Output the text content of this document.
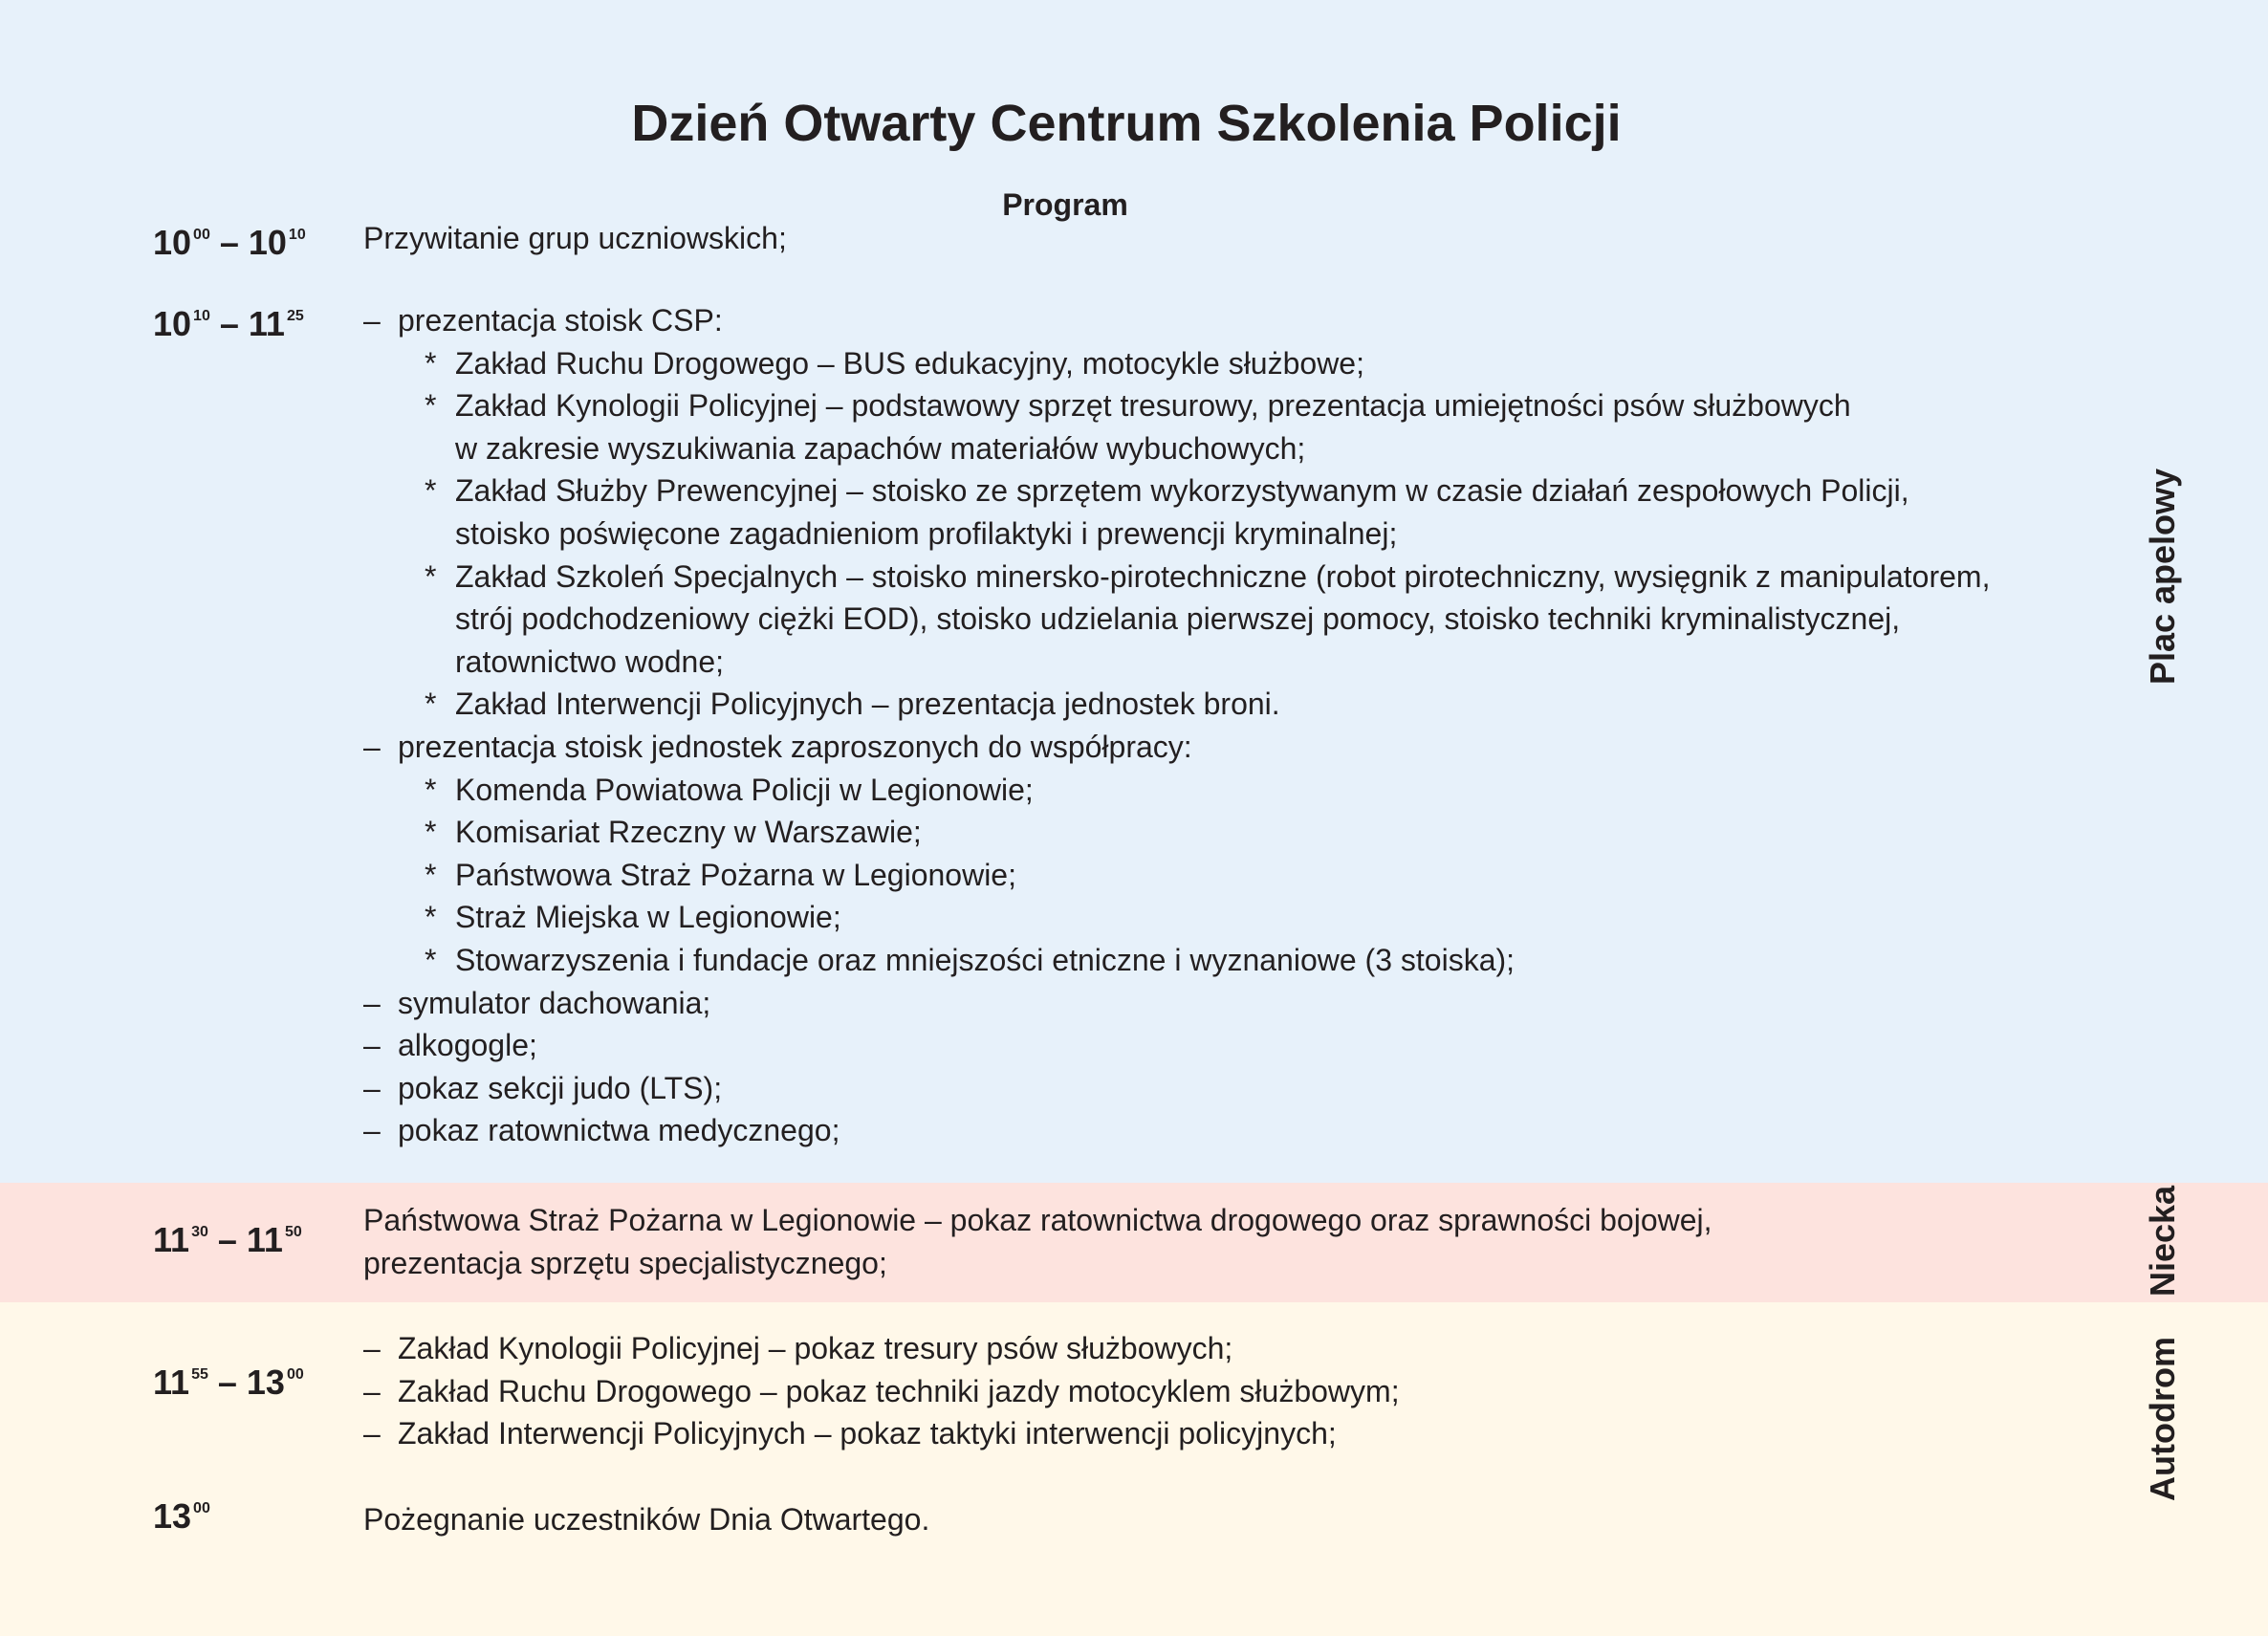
Dzień Otwarty Centrum Szkolenia Policji
Program
10 $^{00}$ – 10 $^{10}$ Przywitanie grup uczniowskich;
10 $^{10}$ – 11 $^{25}$ – prezentacja stoisk CSP:
* Zakład Ruchu Drogowego – BUS edukacyjny, motocykle służbowe;
* Zakład Kynologii Policyjnej – podstawowy sprzęt tresurowy, prezentacja umiejętności psów służbowych
w zakresie wyszukiwania zapachów materiałów wybuchowych;
* Zakład Służby Prewencyjnej – stoisko ze sprzętem wykorzystywanym w czasie działań zespołowych Policji,
stoisko poświęcone zagadnieniom profilaktyki i prewencji kryminalnej;
* Zakład Szkoleń Specjalnych – stoisko minersko-pirotechniczne (robot pirotechniczny, wysięgnik z manipulatorem,
strój podchodzeniowy ciężki EOD), stoisko udzielania pierwszej pomocy, stoisko techniki kryminalistycznej,
ratownictwo wodne;
* Zakład Interwencji Policyjnych – prezentacja jednostek broni.
– prezentacja stoisk jednostek zaproszonych do współpracy:
* Komenda Powiatowa Policji w Legionowie;
* Komisariat Rzeczny w Warszawie;
* Państwowa Straż Pożarna w Legionowie;
* Straż Miejska w Legionowie;
* Stowarzyszenia i fundacje oraz mniejszości etniczne i wyznaniowe (3 stoiska);
– symulator dachowania;
– alkogogle;
– pokaz sekcji judo (LTS);
– pokaz ratownictwa medycznego;
11 $^{30}$ – 11 $^{50}$ Państwowa Straż Pożarna w Legionowie – pokaz ratownictwa drogowego oraz sprawności bojowej,
prezentacja sprzętu specjalistycznego;
11 $^{55}$ – 13 $^{00}$
– Zakład Kynologii Policyjnej – pokaz tresury psów służbowych;
– Zakład Ruchu Drogowego – pokaz techniki jazdy motocyklem służbowym;
– Zakład Interwencji Policyjnych – pokaz taktyki interwencji policyjnych;
13 $^{00}$	Pożegnanie uczestników Dnia Otwartego.
Plac apelowy
Niecka
Autodrom
